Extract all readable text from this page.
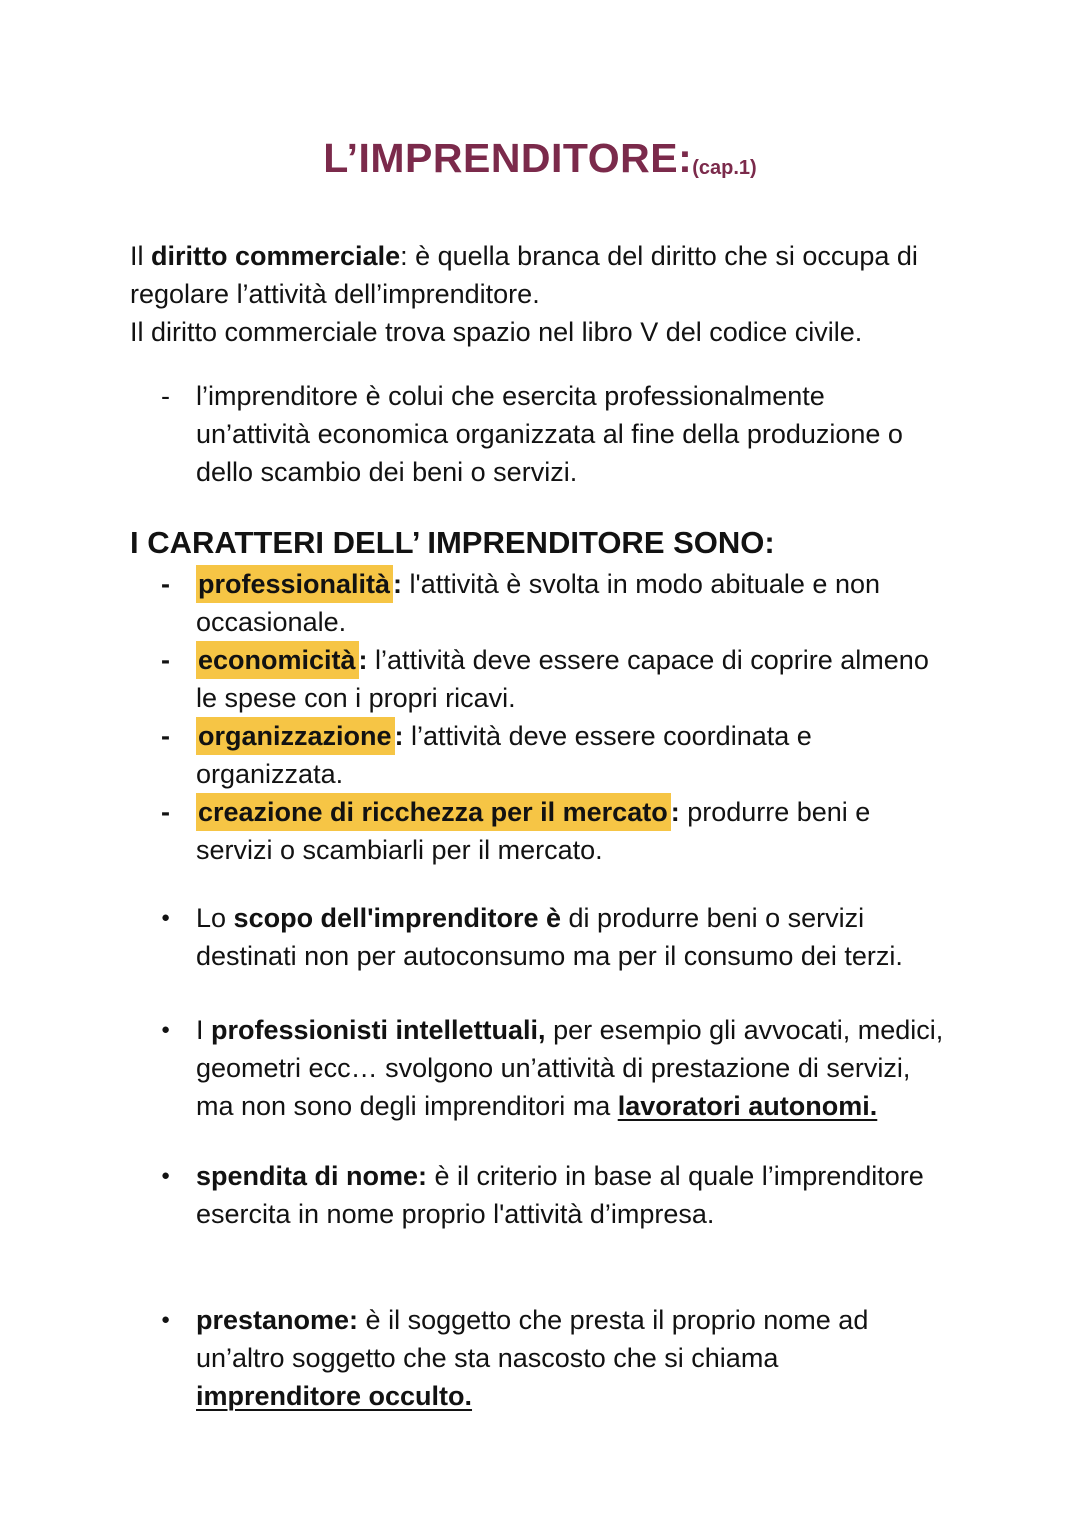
L’IMPRENDITORE:(cap.1)
Il diritto commerciale: è quella branca del diritto che si occupa di
regolare l’attività dell’imprenditore.
Il diritto commerciale trova spazio nel libro V del codice civile.
- l’imprenditore è colui che esercita professionalmente
un’attività economica organizzata al fine della produzione o
dello scambio dei beni o servizi.
I CARATTERI DELL’ IMPRENDITORE SONO:
-	professionalità : l'attività è svolta in modo abituale e non
occasionale.
-	economicità : l’attività deve essere capace di coprire almeno
le spese con i propri ricavi.
-	organizzazione : l’attività deve essere coordinata e
organizzata.
-	creazione di ricchezza per il mercato : produrre beni e
servizi o scambiarli per il mercato.
● Lo scopo dell'imprenditore è di produrre beni o servizi
destinati non per autoconsumo ma per il consumo dei terzi.
● I professionisti intellettuali, per esempio gli avvocati, medici,
geometri ecc… svolgono un’attività di prestazione di servizi,
ma non sono degli imprenditori ma lavoratori autonomi.
● spendita di nome: è il criterio in base al quale l’imprenditore
esercita in nome proprio l'attività d’impresa.
● prestanome: è il soggetto che presta il proprio nome ad
un’altro soggetto che sta nascosto che si chiama
imprenditore occulto.
